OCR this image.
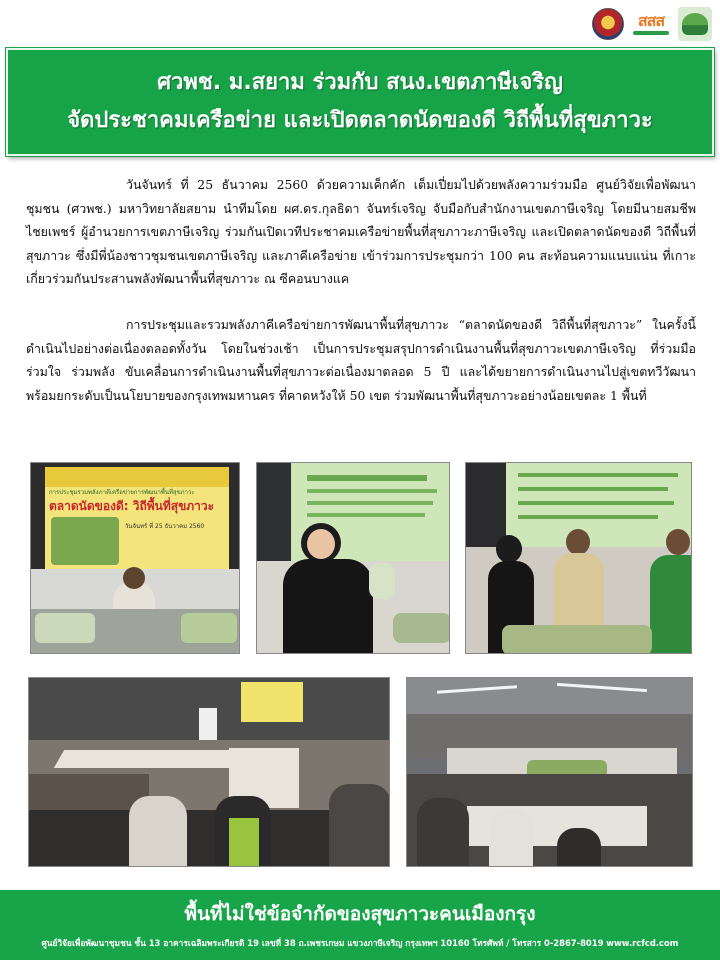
สสส
ศวพช. ม.สยาม ร่วมกับ สนง.เขตภาษีเจริญ
จัดประชาคมเครือข่าย และเปิดตลาดนัดของดี วิถีพื้นที่สุขภาวะ

วันจันทร์ ที่ 25 ธันวาคม 2560 ด้วยความเค็กคัก เต็มเปี่ยมไปด้วยพลังความร่วมมือ ศูนย์วิจัยเพื่อพัฒนาชุมชน (ศวพช.) มหาวิทยาลัยสยาม นำทีมโดย ผศ.ดร.กุลธิดา จันทร์เจริญ จับมือกับสำนักงานเขตภาษีเจริญ โดยมีนายสมชีพ ไชยเพชร์ ผู้อำนวยการเขตภาษีเจริญ ร่วมกันเปิดเวทีประชาคมเครือข่ายพื้นที่สุขภาวะภาษีเจริญ และเปิดตลาดนัดของดี วิถีพื้นที่สุขภาวะ ซึ่งมีพี่น้องชาวชุมชนเขตภาษีเจริญ และภาคีเครือข่าย เข้าร่วมการประชุมกว่า 100 คน สะท้อนความแนบแน่น ที่เกาะเกี่ยวร่วมกันประสานพลังพัฒนาพื้นที่สุขภาวะ ณ ซีคอนบางแค

การประชุมและรวมพลังภาคีเครือข่ายการพัฒนาพื้นที่สุขภาวะ “ตลาดนัดของดี วิถีพื้นที่สุขภาวะ” ในครั้งนี้ ดำเนินไปอย่างต่อเนื่องตลอดทั้งวัน โดยในช่วงเช้า เป็นการประชุมสรุปการดำเนินงานพื้นที่สุขภาวะเขตภาษีเจริญ ที่ร่วมมือ ร่วมใจ ร่วมพลัง ขับเคลื่อนการดำเนินงานพื้นที่สุขภาวะต่อเนื่องมาตลอด 5 ปี และได้ขยายการดำเนินงานไปสู่เขตทวีวัฒนา พร้อมยกระดับเป็นนโยบายของกรุงเทพมหานคร ที่คาดหวังให้ 50 เขต ร่วมพัฒนาพื้นที่สุขภาวะอย่างน้อยเขตละ 1 พื้นที่

การประชุมรวมพลังภาคีเครือข่ายการพัฒนาพื้นที่สุขภาวะ
ตลาดนัดของดี: วิถีพื้นที่สุขภาวะ
วันจันทร์ ที่ 25 ธันวาคม 2560
พื้นที่ไม่ใช่ข้อจำกัดของสุขภาวะคนเมืองกรุง
ศูนย์วิจัยเพื่อพัฒนาชุมชน ชั้น 13 อาคารเฉลิมพระเกียรติ 19 เลขที่ 38 ถ.เพชรเกษม แขวงภาษีเจริญ กรุงเทพฯ 10160 โทรศัพท์ / โทรสาร 0-2867-8019 www.rcfcd.com
